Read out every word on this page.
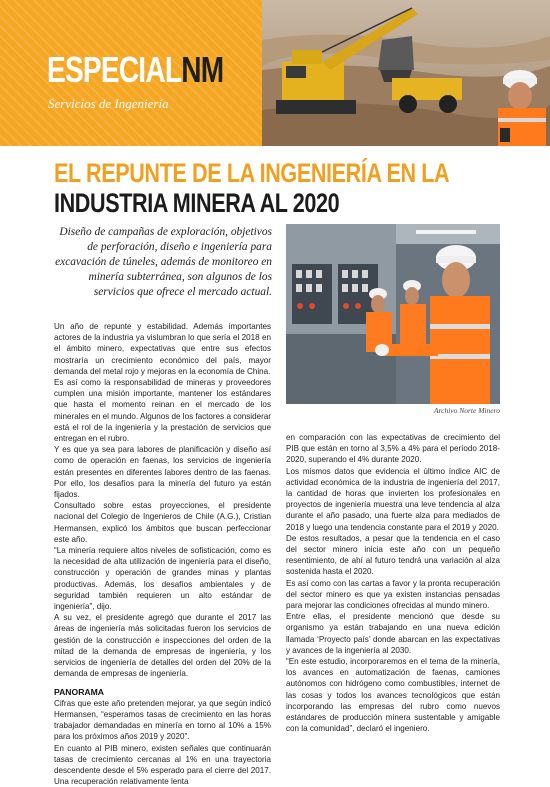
ESPECIALNM
Servicios de Ingeniería
EL REPUNTE DE LA INGENIERÍA EN LA
INDUSTRIA MINERA AL 2020

Diseño de campañas de exploración, objetivos de perforación, diseño e ingeniería para excavación de túneles, además de monitoreo en minería subterránea, son algunos de los servicios que ofrece el mercado actual.

Archivo Norte Minero

Un año de repunte y estabilidad. Además importantes actores de la industria ya vislumbran lo que sería el 2018 en el ámbito minero, expectativas que entre sus efectos mostraría un crecimiento económico del país, mayor demanda del metal rojo y mejoras en la economía de China.

Es así como la responsabilidad de mineras y proveedores cumplen una misión importante, mantener los estándares que hasta el momento reinan en el mercado de los minerales en el mundo. Algunos de los factores a considerar está el rol de la ingeniería y la prestación de servicios que entregan en el rubro.

Y es que ya sea para labores de planificación y diseño así como de operación en faenas, los servicios de ingeniería están presentes en diferentes labores dentro de las faenas. Por ello, los desafíos para la minería del futuro ya están fijados.

Consultado sobre estas proyecciones, el presidente nacional del Colegio de Ingenieros de Chile (A.G.), Cristian Hermansen, explicó los ámbitos que buscan perfeccionar este año.

“La minería requiere altos niveles de sofisticación, como es la necesidad de alta utilización de ingeniería para el diseño, construcción y operación de grandes minas y plantas productivas. Además, los desafíos ambientales y de seguridad también requieren un alto estándar de ingeniería”, dijo.

A su vez, el presidente agregó que durante el 2017 las áreas de ingeniería más solicitadas fueron los servicios de gestión de la construcción e inspecciones del orden de la mitad de la demanda de empresas de ingeniería, y los servicios de ingeniería de detalles del orden del 20% de la demanda de empresas de ingeniería.

PANORAMA

Cifras que este año pretenden mejorar, ya que según indicó Hermansen, “esperamos tasas de crecimiento en las horas trabajador demandadas en minería en torno al 10% a 15% para los próximos años 2019 y 2020”.

En cuanto al PIB minero, existen señales que continuarán tasas de crecimiento cercanas al 1% en una trayectoria descendente desde el 5% esperado para el cierre del 2017. Una recuperación relativamente lenta

en comparación con las expectativas de crecimiento del PIB que están en torno al 3,5% a 4% para el período 2018-2020, superando el 4% durante 2020.

Los mismos datos que evidencia el último índice AIC de actividad económica de la industria de ingeniería del 2017, la cantidad de horas que invierten los profesionales en proyectos de ingeniería muestra una leve tendencia al alza durante el año pasado, una fuerte alza para mediados de 2018 y luego una tendencia constante para el 2019 y 2020.

De estos resultados, a pesar que la tendencia en el caso del sector minero inicia este año con un pequeño resentimiento, de ahí al futuro tendrá una variación al alza sostenida hasta el 2020.

Es así como con las cartas a favor y la pronta recuperación del sector minero es que ya existen instancias pensadas para mejorar las condiciones ofrecidas al mundo minero.

Entre ellas, el presidente mencionó que desde su organismo ya están trabajando en una nueva edición llamada ‘Proyecto país’ donde abarcan en las expectativas y avances de la ingeniería al 2030.

“En este estudio, incorporaremos en el tema de la minería, los avances en automatización de faenas, camiones autónomos con hidrógeno como combustibles, internet de las cosas y todos los avances tecnológicos que están incorporando las empresas del rubro como nuevos estándares de producción minera sustentable y amigable con la comunidad”, declaró el ingeniero.
